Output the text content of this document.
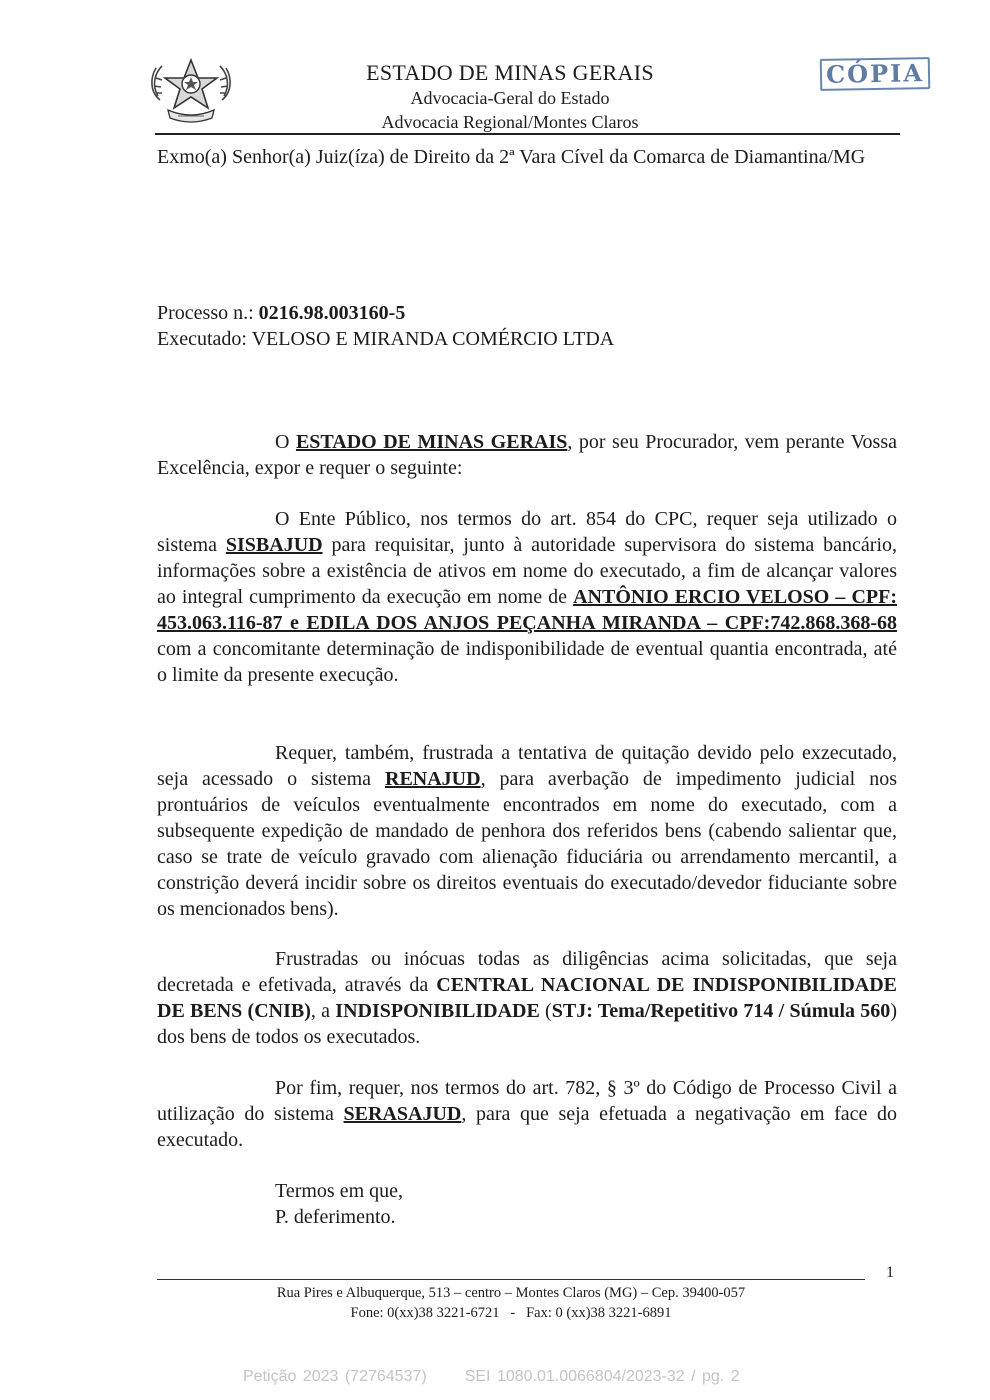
ESTADO DE MINAS GERAIS
Advocacia-Geral do Estado
Advocacia Regional/Montes Claros
CÓPIA
Exmo(a) Senhor(a) Juiz(íza) de Direito da 2ª Vara Cível da Comarca de Diamantina/MG
Processo n.: 0216.98.003160-5
Executado: VELOSO E MIRANDA COMÉRCIO LTDA
O ESTADO DE MINAS GERAIS, por seu Procurador, vem perante Vossa Excelência, expor e requer o seguinte:
O Ente Público, nos termos do art. 854 do CPC, requer seja utilizado o sistema SISBAJUD para requisitar, junto à autoridade supervisora do sistema bancário, informações sobre a existência de ativos em nome do executado, a fim de alcançar valores ao integral cumprimento da execução em nome de ANTÔNIO ERCIO VELOSO – CPF: 453.063.116-87 e EDILA DOS ANJOS PEÇANHA MIRANDA – CPF:742.868.368-68 com a concomitante determinação de indisponibilidade de eventual quantia encontrada, até o limite da presente execução.
Requer, também, frustrada a tentativa de quitação devido pelo exzecutado, seja acessado o sistema RENAJUD, para averbação de impedimento judicial nos prontuários de veículos eventualmente encontrados em nome do executado, com a subsequente expedição de mandado de penhora dos referidos bens (cabendo salientar que, caso se trate de veículo gravado com alienação fiduciária ou arrendamento mercantil, a constrição deverá incidir sobre os direitos eventuais do executado/devedor fiduciante sobre os mencionados bens).
Frustradas ou inócuas todas as diligências acima solicitadas, que seja decretada e efetivada, através da CENTRAL NACIONAL DE INDISPONIBILIDADE DE BENS (CNIB), a INDISPONIBILIDADE (STJ: Tema/Repetitivo 714 / Súmula 560) dos bens de todos os executados.
Por fim, requer, nos termos do art. 782, § 3º do Código de Processo Civil a utilização do sistema SERASAJUD, para que seja efetuada a negativação em face do executado.
Termos em que,
P. deferimento.
1
Rua Pires e Albuquerque, 513 – centro – Montes Claros (MG) – Cep. 39400-057
Fone: 0(xx)38 3221-6721   -   Fax: 0 (xx)38 3221-6891
Petição 2023 (72764537) SEI 1080.01.0066804/2023-32 / pg. 2
